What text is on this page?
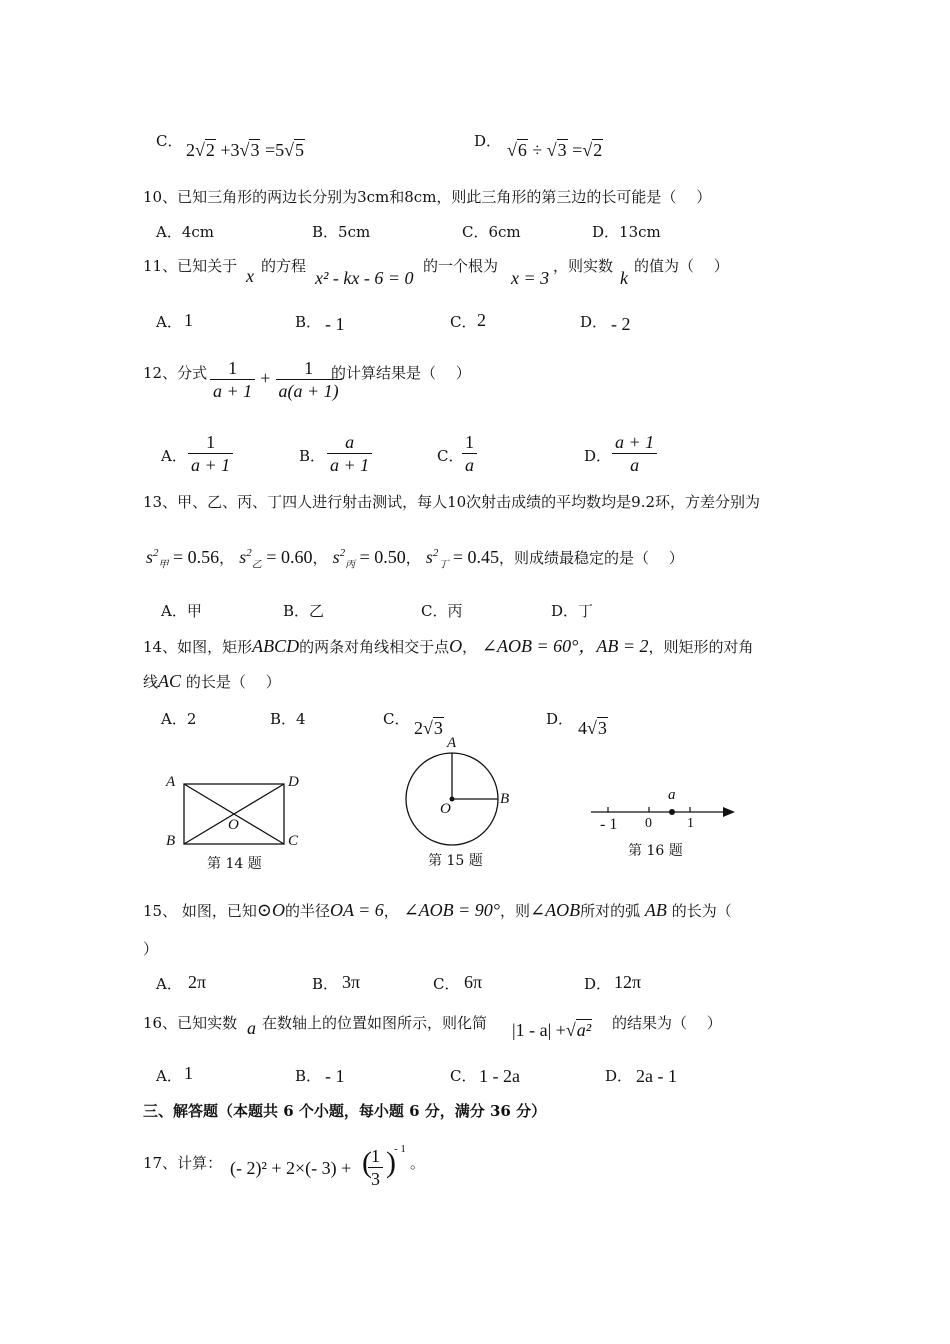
C． 2√2 +3√3 =5√5	D． √6 ÷ √3 =√2
10、已知三角形的两边长分别为3cm和8cm，则此三角形的第三边的长可能是（　 ）
A．4cm	B．5cm	C．6cm	D．13cm
11、已知关于 x 的方程
x² - kx - 6 = 0
的一个根为
x = 3
，则实数
k
的值为（　 ）
A． 1	B． - 1	C． 2	D． - 2
12、分式 $\frac{1}{a + 1} + \frac{1}{a(a + 1)}$
的计算结果是（　 ）
A． $\frac{1}{a + 1}$	B． $\frac{a}{a + 1}$	C．
$\frac{1}{a}$	D． $\frac{a + 1}{a}$
13、甲、乙、丙、丁四人进行射击测试，每人10次射击成绩的平均数均是9.2环，方差分别为
$s^2_甲 = 0.56$， $s^2_乙 = 0.60$， $s^2_丙 = 0.50$， $s^2_丁 = 0.45$，则成绩最稳定的是（　 ）
A．甲	B．乙	C．丙	D．丁
14、如图，矩形ABCD的两条对角线相交于点O， ∠AOB = 60°，AB = 2，则矩形的对角
线AC 的长是（　 ）
A．2	B．4	C． 2√3	D． 4√3
A	D
B	C
O
第 14 题
A
B
O
第 15 题
a
- 1 0	1
第 16 题
15、 如图，已知⊙O的半径OA = 6， ∠AOB = 90°，则∠AOB所对的弧 AB 的长为（
）
A． 2π	B． 3π	C． 6π	D． 12π
16、已知实数 a 在数轴上的位置如图所示，则化简 |1 - a| +√a² 的结果为（　 ）
A． 1	B． - 1	C． 1 - 2a	D． 2a - 1
三、解答题（本题共 6 个小题，每小题 6 分，满分 36 分）
17、计算： (- 2)² + 2×(- 3) + (
$\frac{1}{3}$ )
- 1
。
